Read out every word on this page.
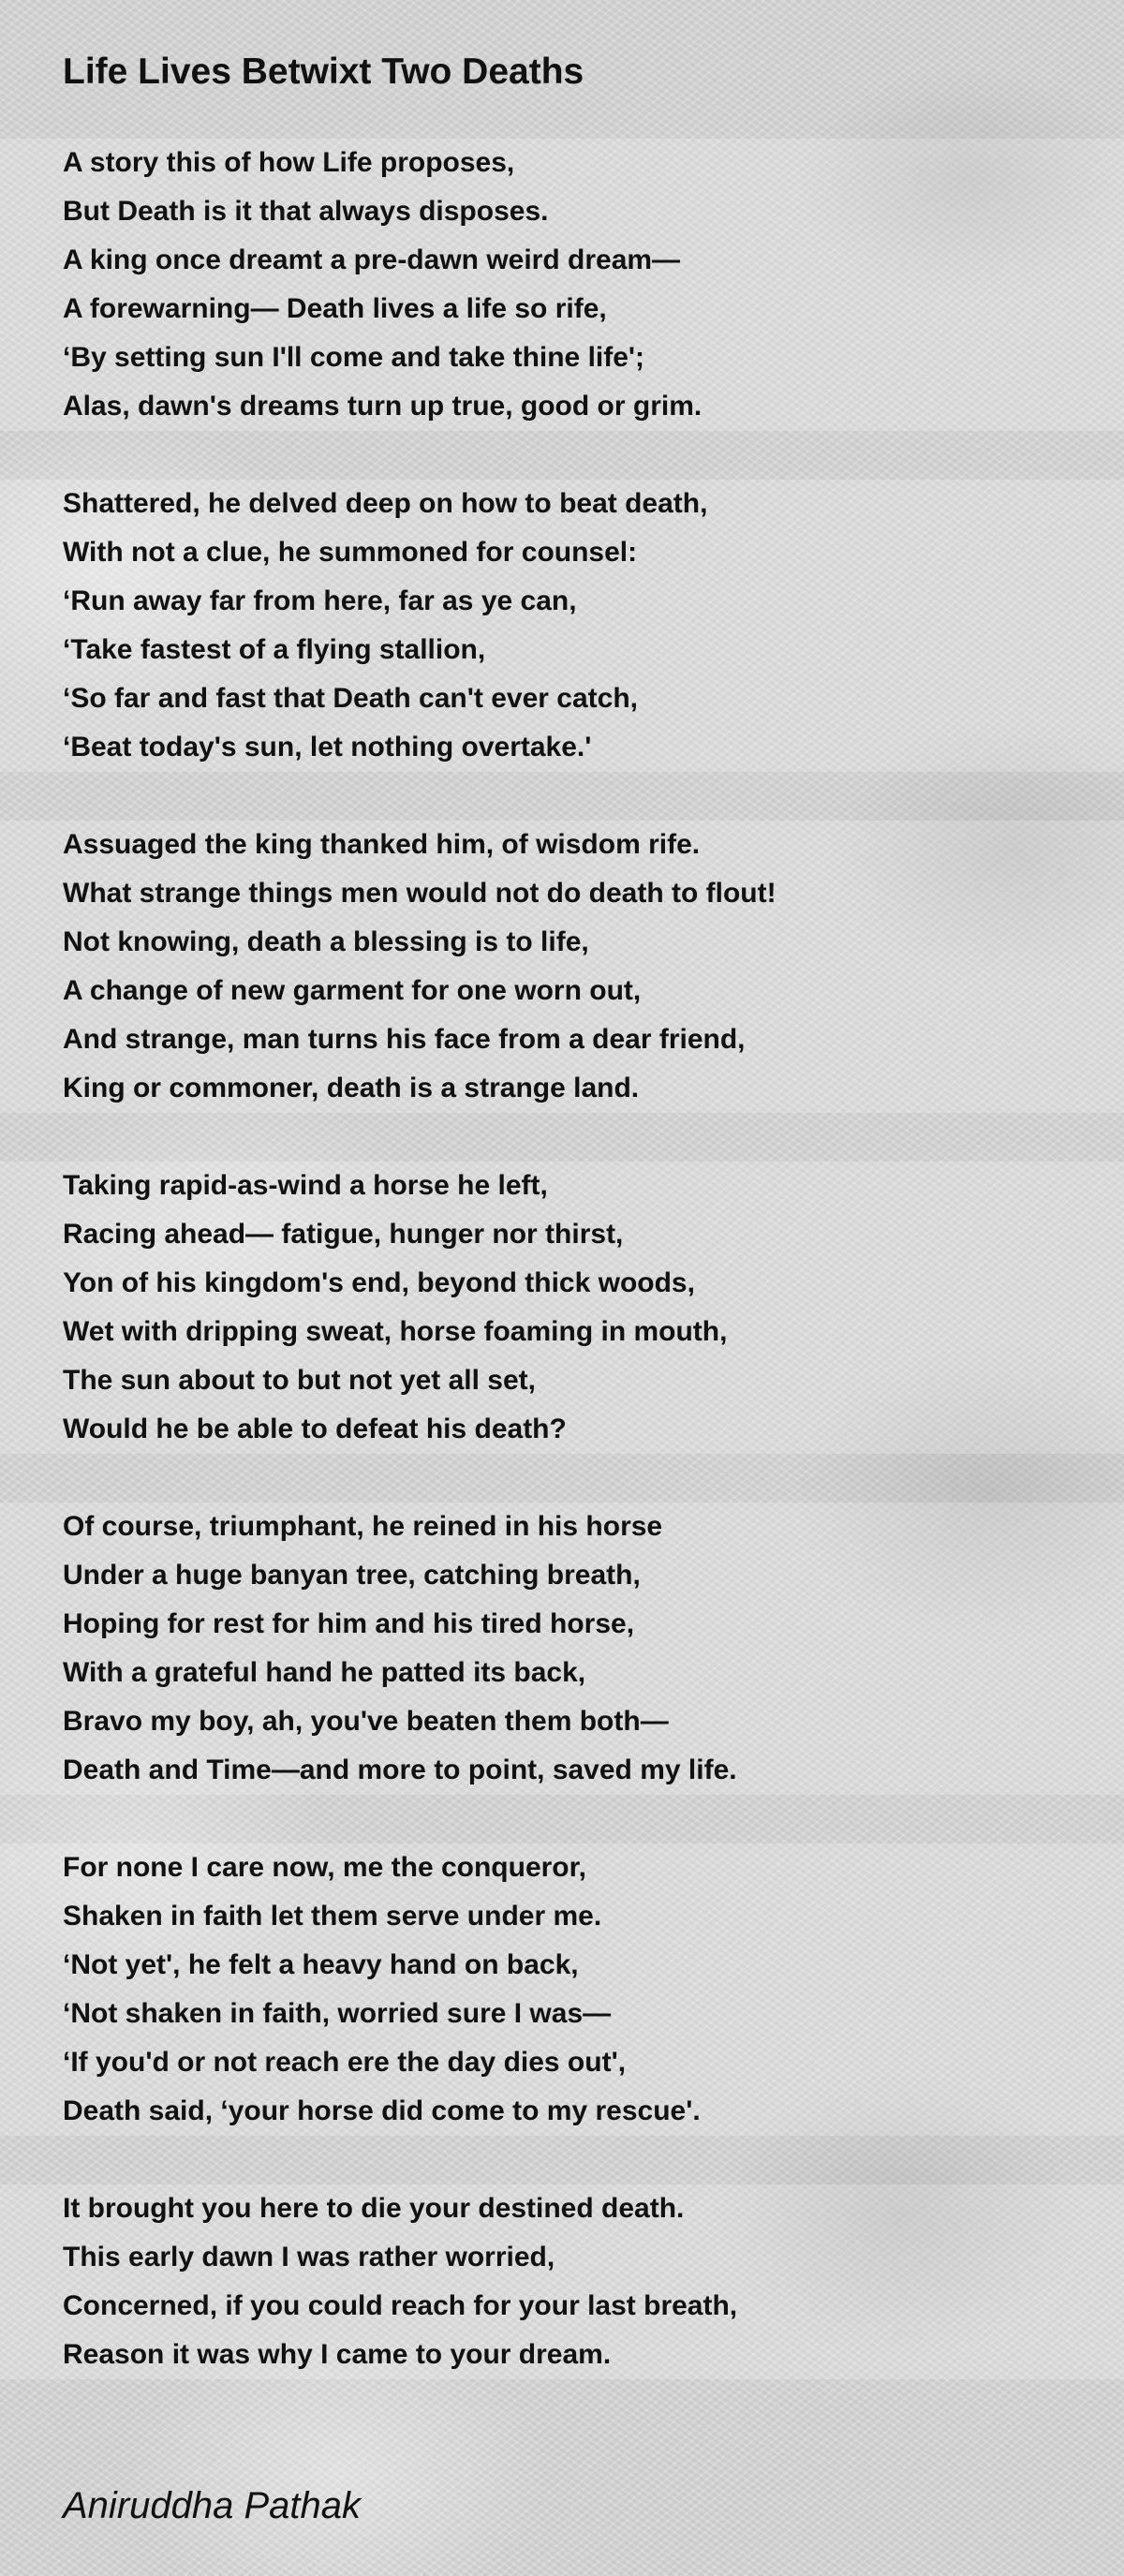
Life Lives Betwixt Two Deaths
A story this of how Life proposes,
But Death is it that always disposes.
A king once dreamt a pre-dawn weird dream—
A forewarning— Death lives a life so rife,
‘By setting sun I'll come and take thine life';
Alas, dawn's dreams turn up true, good or grim.
Shattered, he delved deep on how to beat death,
With not a clue, he summoned for counsel:
‘Run away far from here, far as ye can,
‘Take fastest of a flying stallion,
‘So far and fast that Death can't ever catch,
‘Beat today's sun, let nothing overtake.'
Assuaged the king thanked him, of wisdom rife.
What strange things men would not do death to flout!
Not knowing, death a blessing is to life,
A change of new garment for one worn out,
And strange, man turns his face from a dear friend,
King or commoner, death is a strange land.
Taking rapid-as-wind a horse he left,
Racing ahead— fatigue, hunger nor thirst,
Yon of his kingdom's end, beyond thick woods,
Wet with dripping sweat, horse foaming in mouth,
The sun about to but not yet all set,
Would he be able to defeat his death?
Of course, triumphant, he reined in his horse
Under a huge banyan tree, catching breath,
Hoping for rest for him and his tired horse,
With a grateful hand he patted its back,
Bravo my boy, ah, you've beaten them both—
Death and Time—and more to point, saved my life.
For none I care now, me the conqueror,
Shaken in faith let them serve under me.
‘Not yet', he felt a heavy hand on back,
‘Not shaken in faith, worried sure I was—
‘If you'd or not reach ere the day dies out',
Death said, ‘your horse did come to my rescue'.
It brought you here to die your destined death.
This early dawn I was rather worried,
Concerned, if you could reach for your last breath,
Reason it was why I came to your dream.
Aniruddha Pathak
